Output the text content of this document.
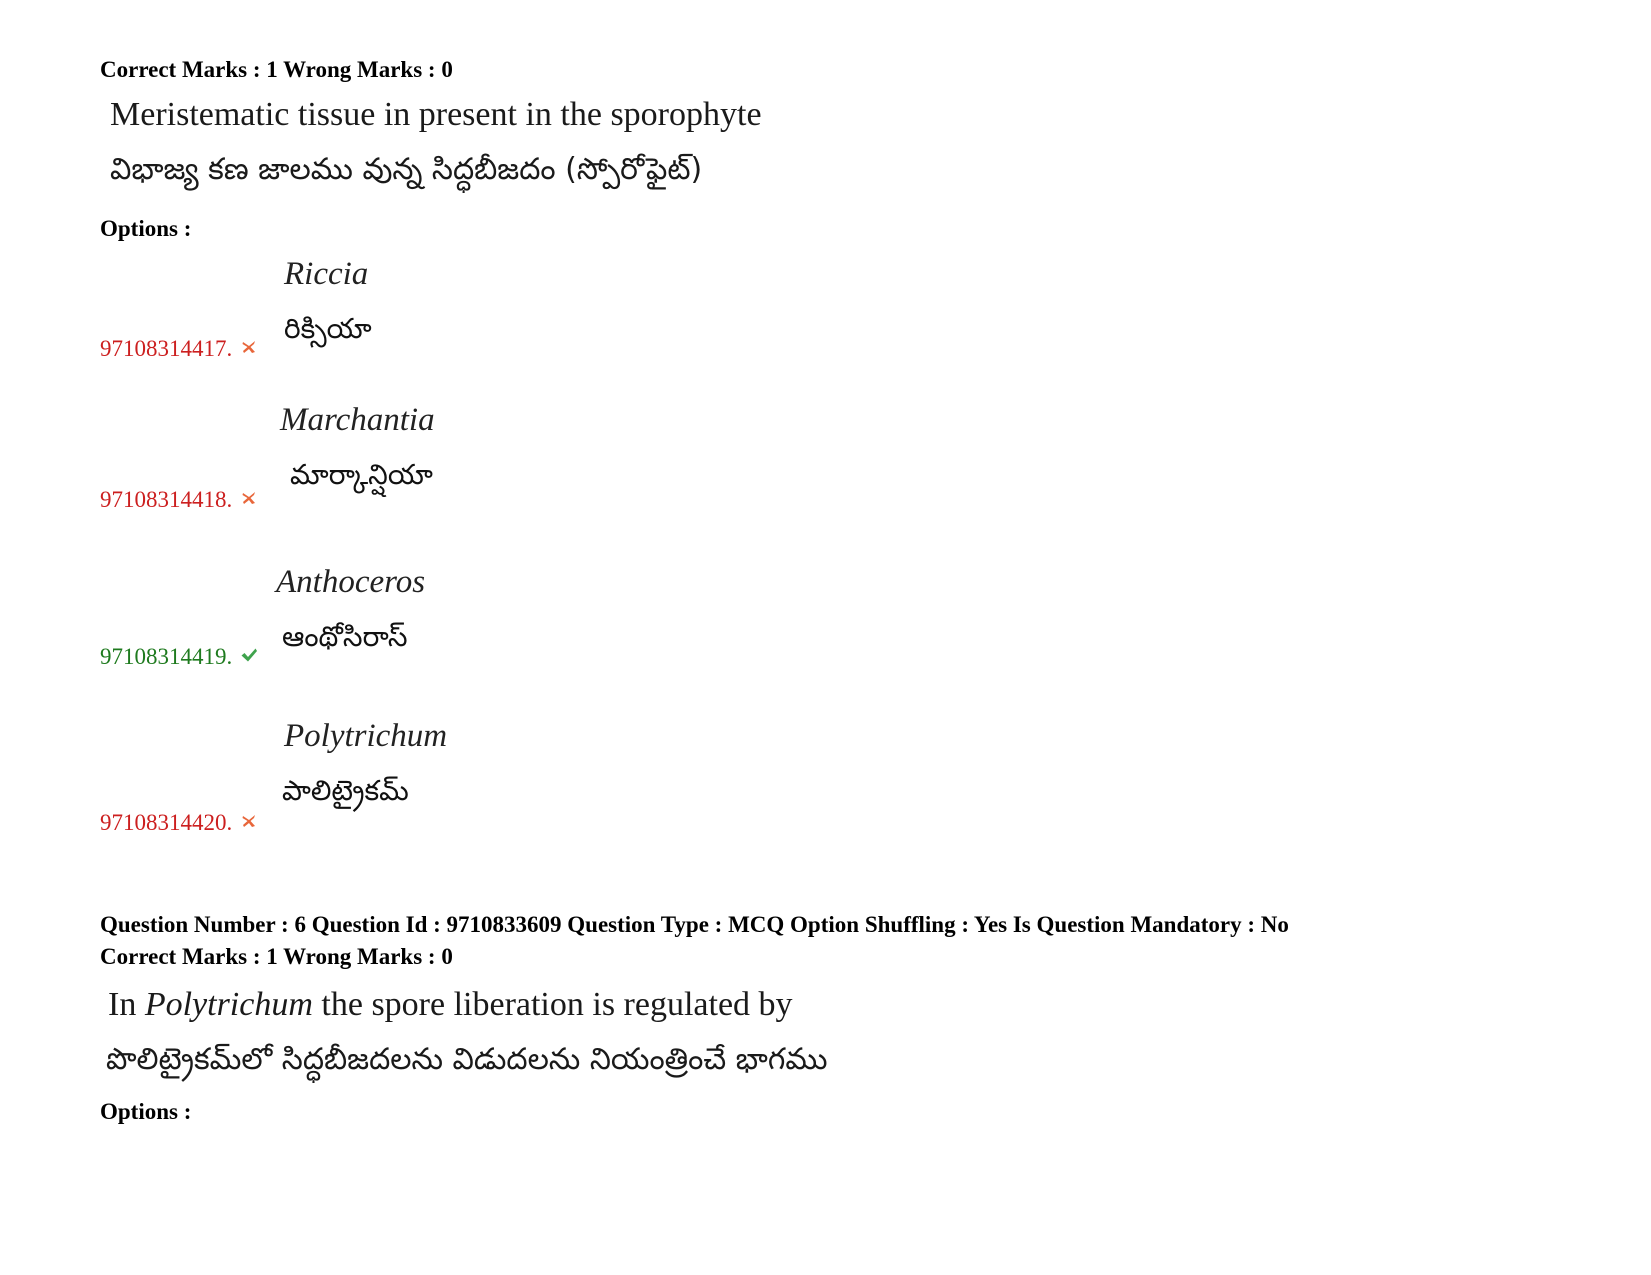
Correct Marks : 1 Wrong Marks : 0
Meristematic tissue in present in the sporophyte
విభాజ్య కణ జాలము వున్న సిద్ధబీజదం (స్పోరోఫైట్)
Options :
Riccia
రిక్సియా
97108314417.
Marchantia
మార్కాన్షియా
97108314418.
Anthoceros
ఆంథోసిరాస్
97108314419.
Polytrichum
పాలిట్రైకమ్
97108314420.
Question Number : 6 Question Id : 9710833609 Question Type : MCQ Option Shuffling : Yes Is Question Mandatory : No
Correct Marks : 1 Wrong Marks : 0
In Polytrichum the spore liberation is regulated by
పొలిట్రైకమ్‌లో సిద్ధబీజదలను విడుదలను నియంత్రించే భాగము
Options :
